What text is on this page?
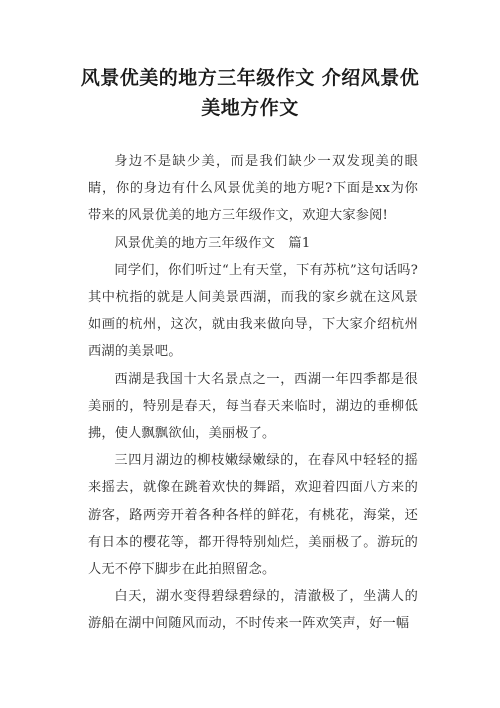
风景优美的地方三年级作文 介绍风景优
美地方作文

身边不是缺少美，而是我们缺少一双发现美的眼睛，你的身边有什么风景优美的地方呢?下面是xx为你带来的风景优美的地方三年级作文，欢迎大家参阅!

风景优美的地方三年级作文　篇1

同学们，你们听过“上有天堂，下有苏杭”这句话吗?其中杭指的就是人间美景西湖，而我的家乡就在这风景如画的杭州，这次，就由我来做向导，下大家介绍杭州西湖的美景吧。

西湖是我国十大名景点之一，西湖一年四季都是很美丽的，特别是春天，每当春天来临时，湖边的垂柳低拂，使人飘飘欲仙，美丽极了。

三四月湖边的柳枝嫩绿嫩绿的，在春风中轻轻的摇来摇去，就像在跳着欢快的舞蹈，欢迎着四面八方来的游客，路两旁开着各种各样的鲜花，有桃花，海棠，还有日本的樱花等，都开得特别灿烂，美丽极了。游玩的人无不停下脚步在此拍照留念。

白天，湖水变得碧绿碧绿的，清澈极了，坐满人的游船在湖中间随风而动，不时传来一阵欢笑声，好一幅
